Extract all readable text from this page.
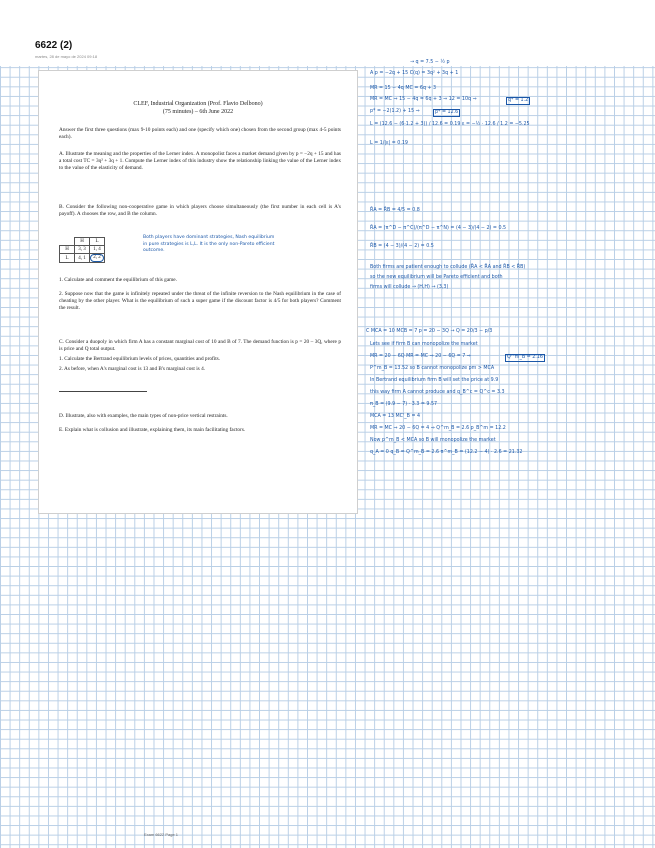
6622 (2)
martes, 28 de mayo de 2024 09:18
CLEF, Industrial Organization (Prof. Flavio Delbono)
(75 minutes) – 6th June 2022
Answer the first three questions (max 9-10 points each) and one (specify which one) chosen from the second group (max 4-5 points each).
A. Illustrate the meaning and the properties of the Lerner index. A monopolist faces a market demand given by p = −2q + 15 and has a total cost TC = 3q² + 3q + 1. Compute the Lerner index of this industry show the relationship linking the value of the Lerner index to the value of the elasticity of demand.
B. Consider the following non-cooperative game in which players choose simultaneously (the first number in each cell is A's payoff). A chooses the row, and B the column.
	H	L
H	3, 3	1, 4
L	4, 1	2, 2
1. Calculate and comment the equilibrium of this game.
2. Suppose now that the game is infinitely repeated under the threat of the infinite reversion to the Nash equilibrium in the case of cheating by the other player. What is the equilibrium of such a super game if the discount factor is 4/5 for both players? Comment the result.
C. Consider a duopoly in which firm A has a constant marginal cost of 10 and B of 7. The demand function is p = 20 – 3Q, where p is price and Q total output.
1. Calculate the Bertrand equilibrium levels of prices, quantities and profits.
2. As before, when A's marginal cost is 13 and B's marginal cost is 4.
D. Illustrate, also with examples, the main types of non-price vertical restraints.
E. Explain what is collusion and illustrate, explaining them, its main facilitating factors.
Both players have dominant strategies, Nash equilibrium
in pure strategies is L,L. It is the only non-Pareto efficient
outcome.
→ q = 7.5 − ½ p
A p = −2q + 15 C(q) = 3q² + 3q + 1
MR = 15 − 4q MC = 6q + 3
MR = MC ⇒ 15 − 4q = 6q + 3 ⇒ 12 = 10q ⇒	q* = 1.2
p* = −2(1.2) + 15 ⇒	p* = 12.6
L = (12.6 − (6·1.2 + 3)) / 12.6 = 0.19 ε = −½ · 12.6 / 1.2 = −5.25
L = 1/|ε| = 0.19
R̄A = R̄B = 4/5 = 0.8
R̄A = (π^D − π^C)/(π^D − π^N) = (4 − 3)/(4 − 2) = 0.5
R̄B = (4 − 3)/(4 − 2) = 0.5
Both firms are patient enough to collude (R̄A < R̄A and R̄B < R̄B)
so the new equilibrium will be Pareto efficient and both
firms will collude → (H,H) → (3,3)
C MCA = 10 MCB = 7 p = 20 − 3Q → Q = 20/3 − p/3
Lets see if firm B can monopolize the market
MR = 20 − 6Q MR = MC ⇒ 20 − 6Q = 7 ⇒	Q^m_B = 2.16
P^m_B = 13.52 so B cannot monopolize pm > MCA
In Bertrand equilibrium firm B will set the price at 9.9
this way firm A cannot produce and q_B^c = Q^c = 3.3
π_B = (9.9 − 7) · 3.3 = 9.57
MCA = 13 MC'_B = 4
MR = MC ⇒ 20 − 6Q = 4 ⇒ Q^m_B = 2.6 p_B^m = 12.2
Now p^m_B < MCA so B will monopolize the market
q_A = 0 q_B = Q^m_B = 2.6 π^m_B = (12.2 − 4) · 2.6 = 21.32
Exam 6622 Page 1
